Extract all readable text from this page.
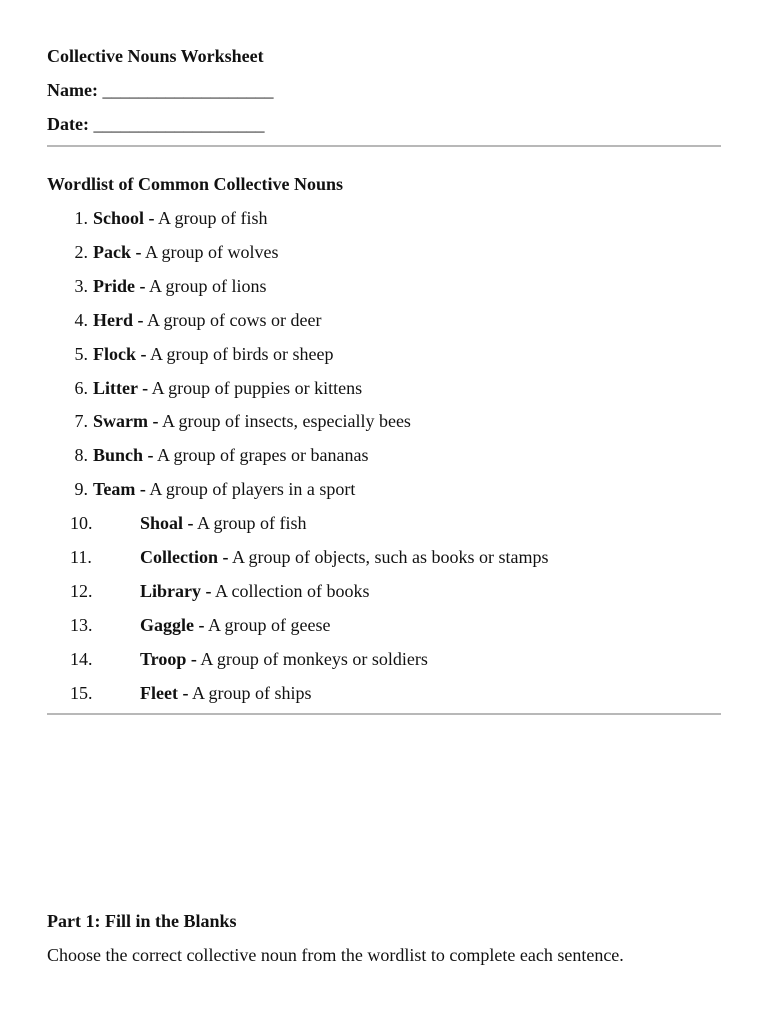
Collective Nouns Worksheet
Name: ___________________
Date: ___________________
Wordlist of Common Collective Nouns
1. School - A group of fish
2. Pack - A group of wolves
3. Pride - A group of lions
4. Herd - A group of cows or deer
5. Flock - A group of birds or sheep
6. Litter - A group of puppies or kittens
7. Swarm - A group of insects, especially bees
8. Bunch - A group of grapes or bananas
9. Team - A group of players in a sport
10.	Shoal - A group of fish
11.	Collection - A group of objects, such as books or stamps
12.	Library - A collection of books
13.	Gaggle - A group of geese
14.	Troop - A group of monkeys or soldiers
15.	Fleet - A group of ships
Part 1: Fill in the Blanks
Choose the correct collective noun from the wordlist to complete each sentence.
